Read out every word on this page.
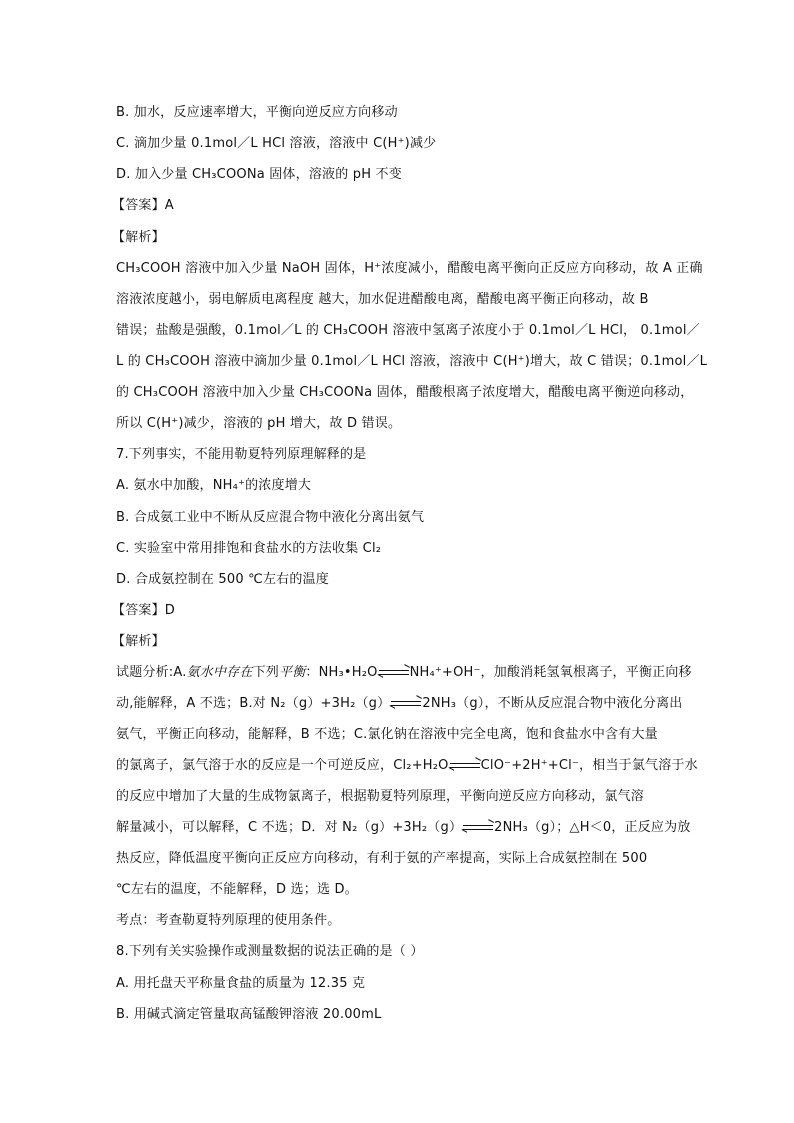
B. 加水，反应速率增大，平衡向逆反应方向移动
C. 滴加少量 0.1mol／L HCl 溶液，溶液中 C(H⁺)减少
D. 加入少量 CH₃COONa 固体，溶液的 pH 不变
【答案】A
【解析】
CH₃COOH 溶液中加入少量 NaOH 固体，H⁺浓度减小，醋酸电离平衡向正反应方向移动，故 A 正确
溶液浓度越小，弱电解质电离程度 越大，加水促进醋酸电离，醋酸电离平衡正向移动，故 B
错误；盐酸是强酸，0.1mol／L 的 CH₃COOH 溶液中氢离子浓度小于 0.1mol／L HCl， 0.1mol／
L 的 CH₃COOH 溶液中滴加少量 0.1mol／L HCl 溶液，溶液中 C(H⁺)增大，故 C 错误；0.1mol／L
的 CH₃COOH 溶液中加入少量 CH₃COONa 固体，醋酸根离子浓度增大，醋酸电离平衡逆向移动，
所以 C(H⁺)减少，溶液的 pH 增大，故 D 错误。
7.下列事实，不能用勒夏特列原理解释的是
A. 氨水中加酸，NH₄⁺的浓度增大
B. 合成氨工业中不断从反应混合物中液化分离出氨气
C. 实验室中常用排饱和食盐水的方法收集 Cl₂
D. 合成氨控制在 500 ℃左右的温度
【答案】D
【解析】
试题分析:A.氨水中存在下列平衡：NH₃•H₂O NH₄⁺+OH⁻，加酸消耗氢氧根离子，平衡正向移
动,能解释，A 不选；B.对 N₂（g）+3H₂（g） 2NH₃（g），不断从反应混合物中液化分离出
氨气，平衡正向移动，能解释，B 不选；C.氯化钠在溶液中完全电离，饱和食盐水中含有大量
的氯离子，氯气溶于水的反应是一个可逆反应，Cl₂+H₂O ClO⁻+2H⁺+Cl⁻，相当于氯气溶于水
的反应中增加了大量的生成物氯离子，根据勒夏特列原理，平衡向逆反应方向移动，氯气溶
解量减小，可以解释，C 不选；D．对 N₂（g）+3H₂（g） 2NH₃（g）；△H＜0，正反应为放
热反应，降低温度平衡向正反应方向移动，有利于氨的产率提高，实际上合成氨控制在 500
℃左右的温度，不能解释，D 选；选 D。
考点：考查勒夏特列原理的使用条件。
8.下列有关实验操作或测量数据的说法正确的是（ ）
A. 用托盘天平称量食盐的质量为 12.35 克
B. 用碱式滴定管量取高锰酸钾溶液 20.00mL
